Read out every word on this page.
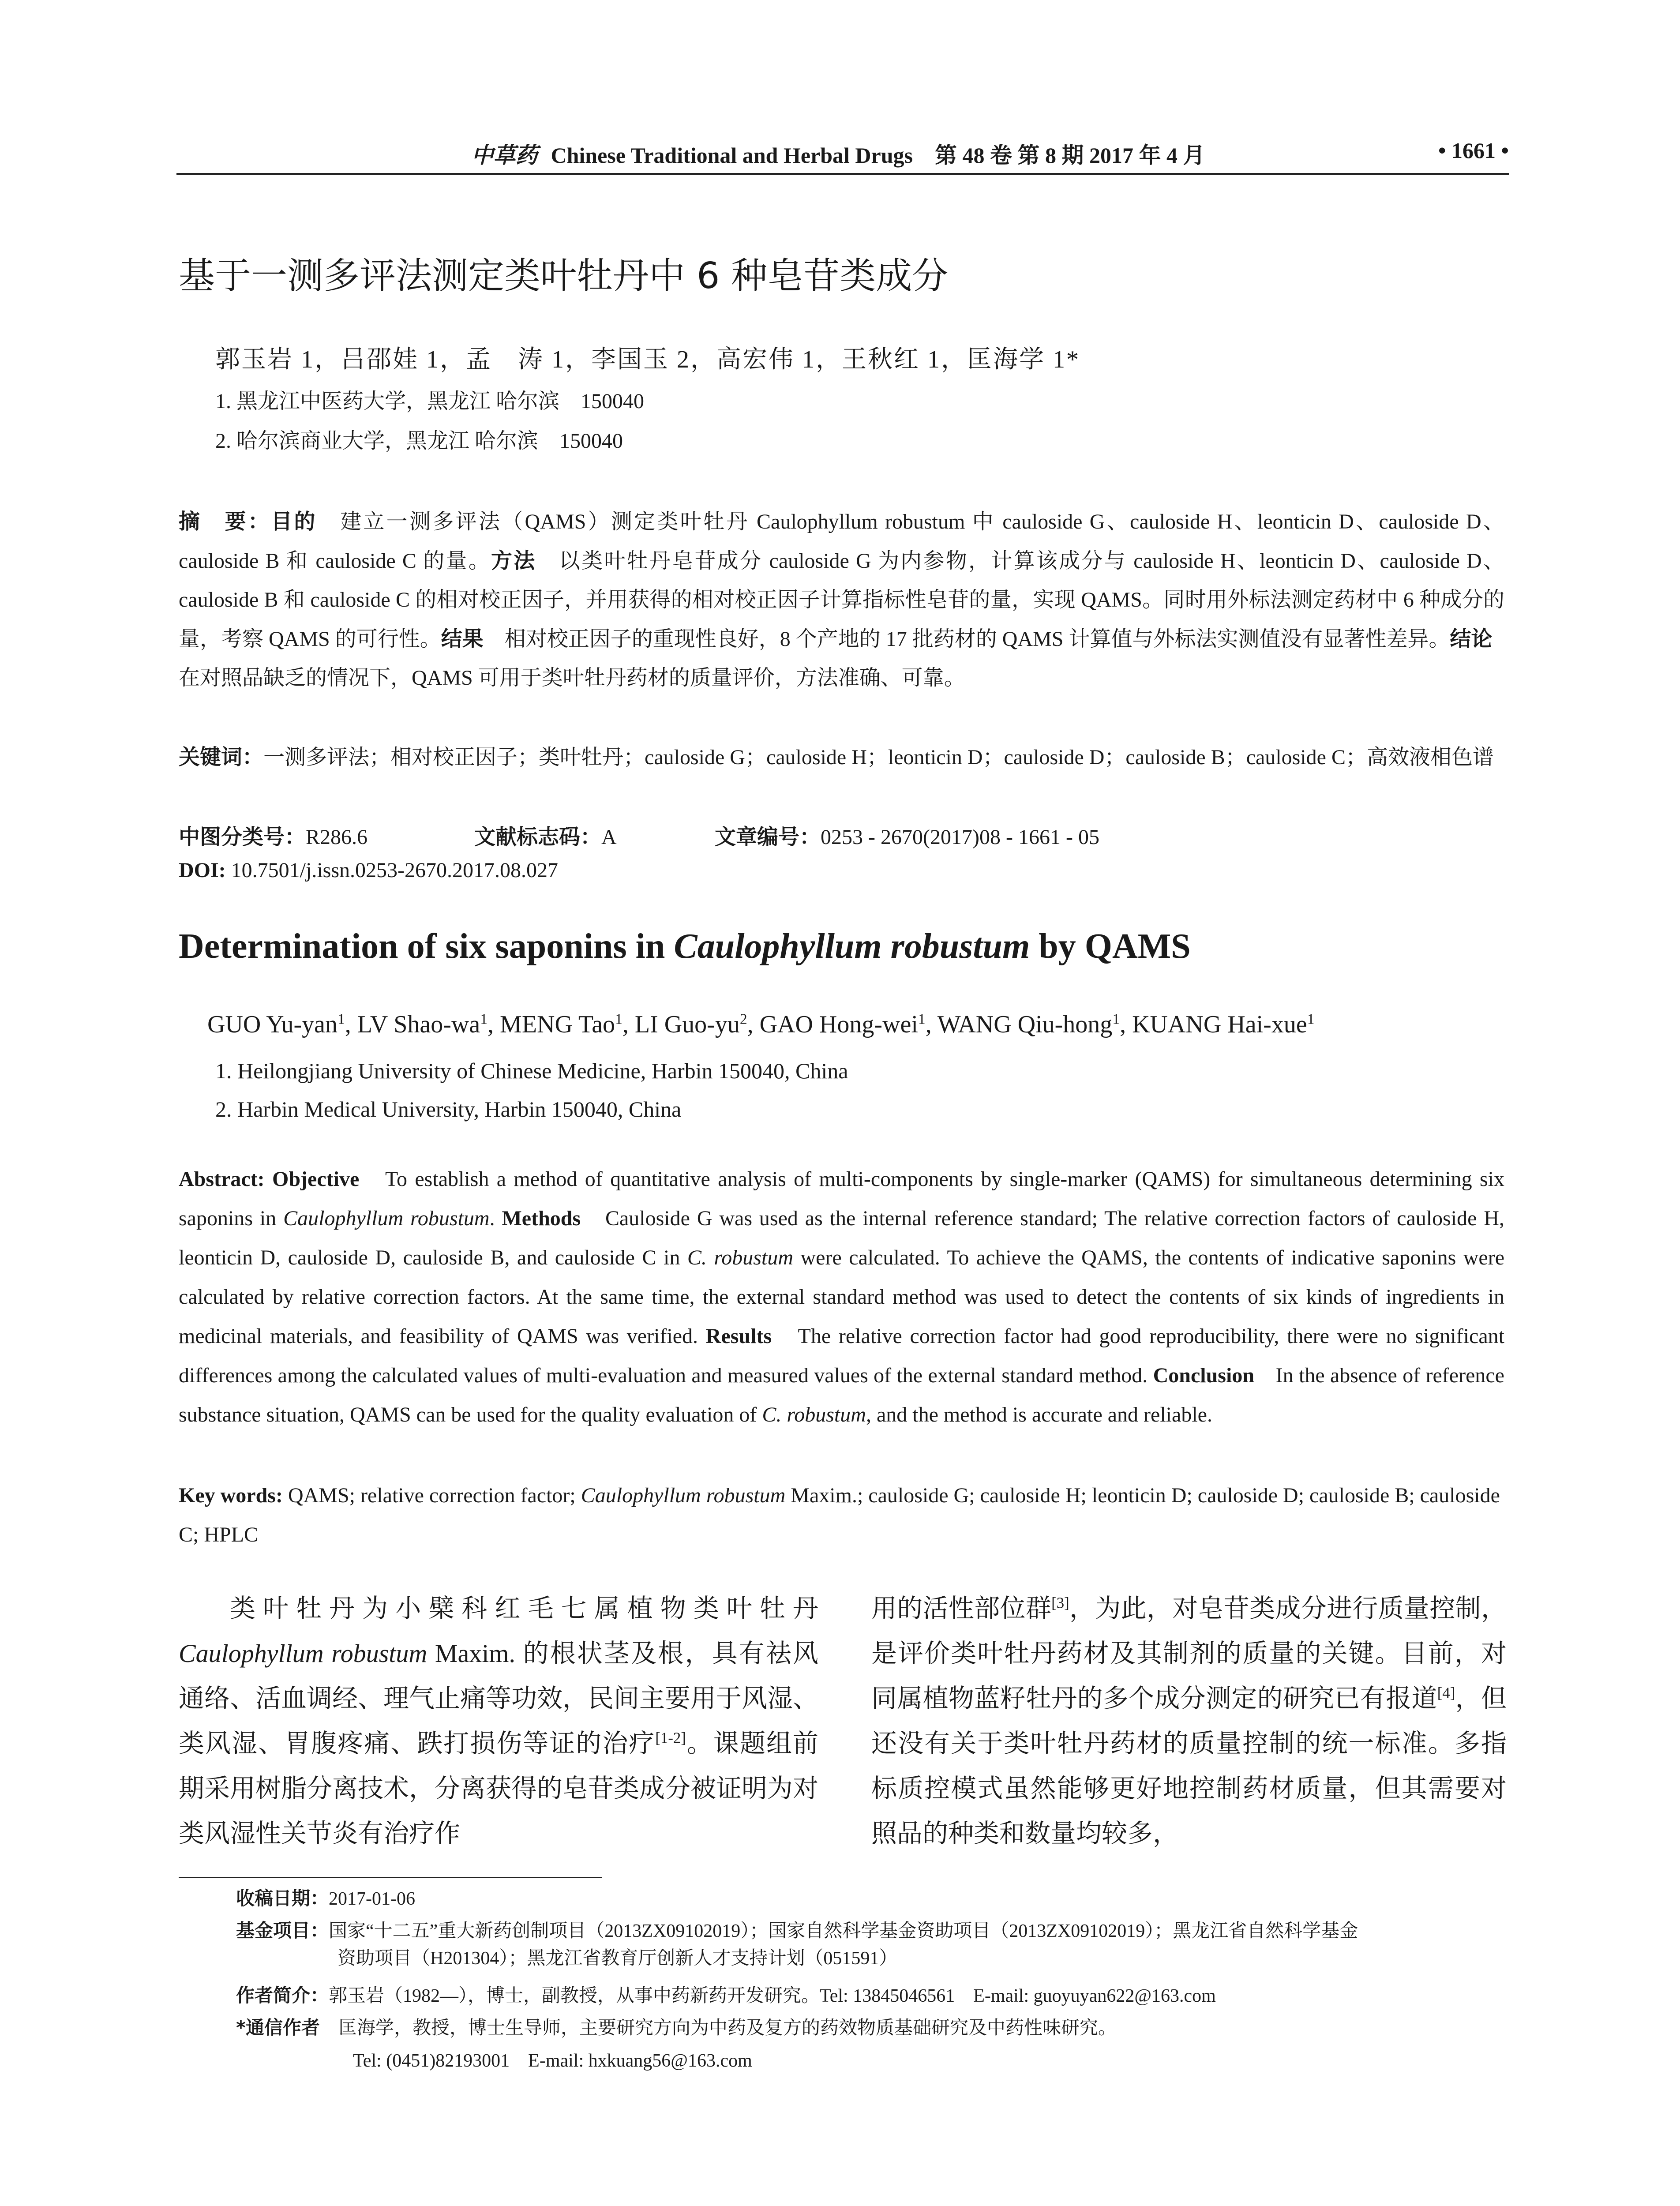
中草药 Chinese Traditional and Herbal Drugs　第 48 卷 第 8 期 2017 年 4 月	• 1661 •
基于一测多评法测定类叶牡丹中 6 种皂苷类成分
郭玉岩 1，吕邵娃 1，孟　涛 1，李国玉 2，高宏伟 1，王秋红 1，匡海学 1*
1. 黑龙江中医药大学，黑龙江 哈尔滨　150040
2. 哈尔滨商业大学，黑龙江 哈尔滨　150040
摘　要：目的　建立一测多评法（QAMS）测定类叶牡丹 Caulophyllum robustum 中 cauloside G、cauloside H、leonticin D、cauloside D、cauloside B 和 cauloside C 的量。方法　以类叶牡丹皂苷成分 cauloside G 为内参物，计算该成分与 cauloside H、leonticin D、cauloside D、cauloside B 和 cauloside C 的相对校正因子，并用获得的相对校正因子计算指标性皂苷的量，实现 QAMS。同时用外标法测定药材中 6 种成分的量，考察 QAMS 的可行性。结果　相对校正因子的重现性良好，8 个产地的 17 批药材的 QAMS 计算值与外标法实测值没有显著性差异。结论　在对照品缺乏的情况下，QAMS 可用于类叶牡丹药材的质量评价，方法准确、可靠。
关键词：一测多评法；相对校正因子；类叶牡丹；cauloside G；cauloside H；leonticin D；cauloside D；cauloside B；cauloside C；高效液相色谱
中图分类号：R286.6	文献标志码：A	文章编号：0253 - 2670(2017)08 - 1661 - 05
DOI: 10.7501/j.issn.0253-2670.2017.08.027
Determination of six saponins in Caulophyllum robustum by QAMS
GUO Yu-yan$^1$, LV Shao-$wa^1$, MENG Tao$^1$, LI Guo-$yu^2$, GAO Hong-wei$^1$, WANG Qiu-hong$^1$, KUANG Hai-xue$^1$
1. Heilongjiang University of Chinese Medicine, Harbin 150040, China
2. Harbin Medical University, Harbin 150040, China
Abstract: Objective　To establish a method of quantitative analysis of multi-components by single-marker (QAMS) for simultaneous determining six saponins in Caulophyllum robustum. Methods　Cauloside G was used as the internal reference standard; The relative correction factors of cauloside H, leonticin D, cauloside D, cauloside B, and cauloside C in C. robustum were calculated. To achieve the QAMS, the contents of indicative saponins were calculated by relative correction factors. At the same time, the external standard method was used to detect the contents of six kinds of ingredients in medicinal materials, and feasibility of QAMS was verified. Results　The relative correction factor had good reproducibility, there were no significant differences among the calculated values of multi-evaluation and measured values of the external standard method. Conclusion　In the absence of reference substance situation, QAMS can be used for the quality evaluation of C. robustum, and the method is accurate and reliable.
Key words: QAMS; relative correction factor; Caulophyllum robustum Maxim.; cauloside G; cauloside H; leonticin D; cauloside D; cauloside B; cauloside C; HPLC
类叶牡丹为小檗科红毛七属植物类叶牡丹 Caulophyllum robustum Maxim. 的根状茎及根，具有祛风通络、活血调经、理气止痛等功效，民间主要用于风湿、类风湿、胃腹疼痛、跌打损伤等证的治疗[1-2]。课题组前期采用树脂分离技术，分离获得的皂苷类成分被证明为对类风湿性关节炎有治疗作
用的活性部位群[3]，为此，对皂苷类成分进行质量控制，是评价类叶牡丹药材及其制剂的质量的关键。目前，对同属植物蓝籽牡丹的多个成分测定的研究已有报道[4]，但还没有关于类叶牡丹药材的质量控制的统一标准。多指标质控模式虽然能够更好地控制药材质量，但其需要对照品的种类和数量均较多，
收稿日期：2017-01-06
基金项目：国家“十二五”重大新药创制项目（2013ZX09102019）；国家自然科学基金资助项目（2013ZX09102019）；黑龙江省自然科学基金
资助项目（H201304）；黑龙江省教育厅创新人才支持计划（051591）
作者简介：郭玉岩（1982—），博士，副教授，从事中药新药开发研究。Tel: 13845046561　E-mail: guoyuyan622@163.com
*通信作者　匡海学，教授，博士生导师，主要研究方向为中药及复方的药效物质基础研究及中药性味研究。
Tel: (0451)82193001　E-mail: hxkuang56@163.com
